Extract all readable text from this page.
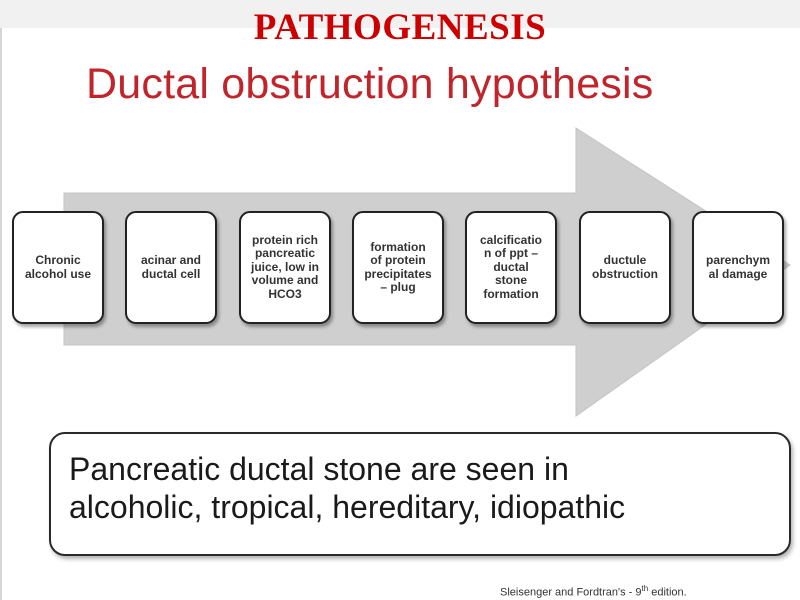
PATHOGENESIS
Ductal obstruction hypothesis
Chronic
alcohol use
acinar and
ductal cell
protein rich
pancreatic
juice, low in
volume and
HCO3
formation
of protein
precipitates
– plug
calcificatio
n of ppt –
ductal
stone
formation
ductule
obstruction
parenchym
al damage

Pancreatic ductal stone are seen in
alcoholic, tropical, hereditary, idiopathic

Sleisenger and Fordtran's - 9th edition.
